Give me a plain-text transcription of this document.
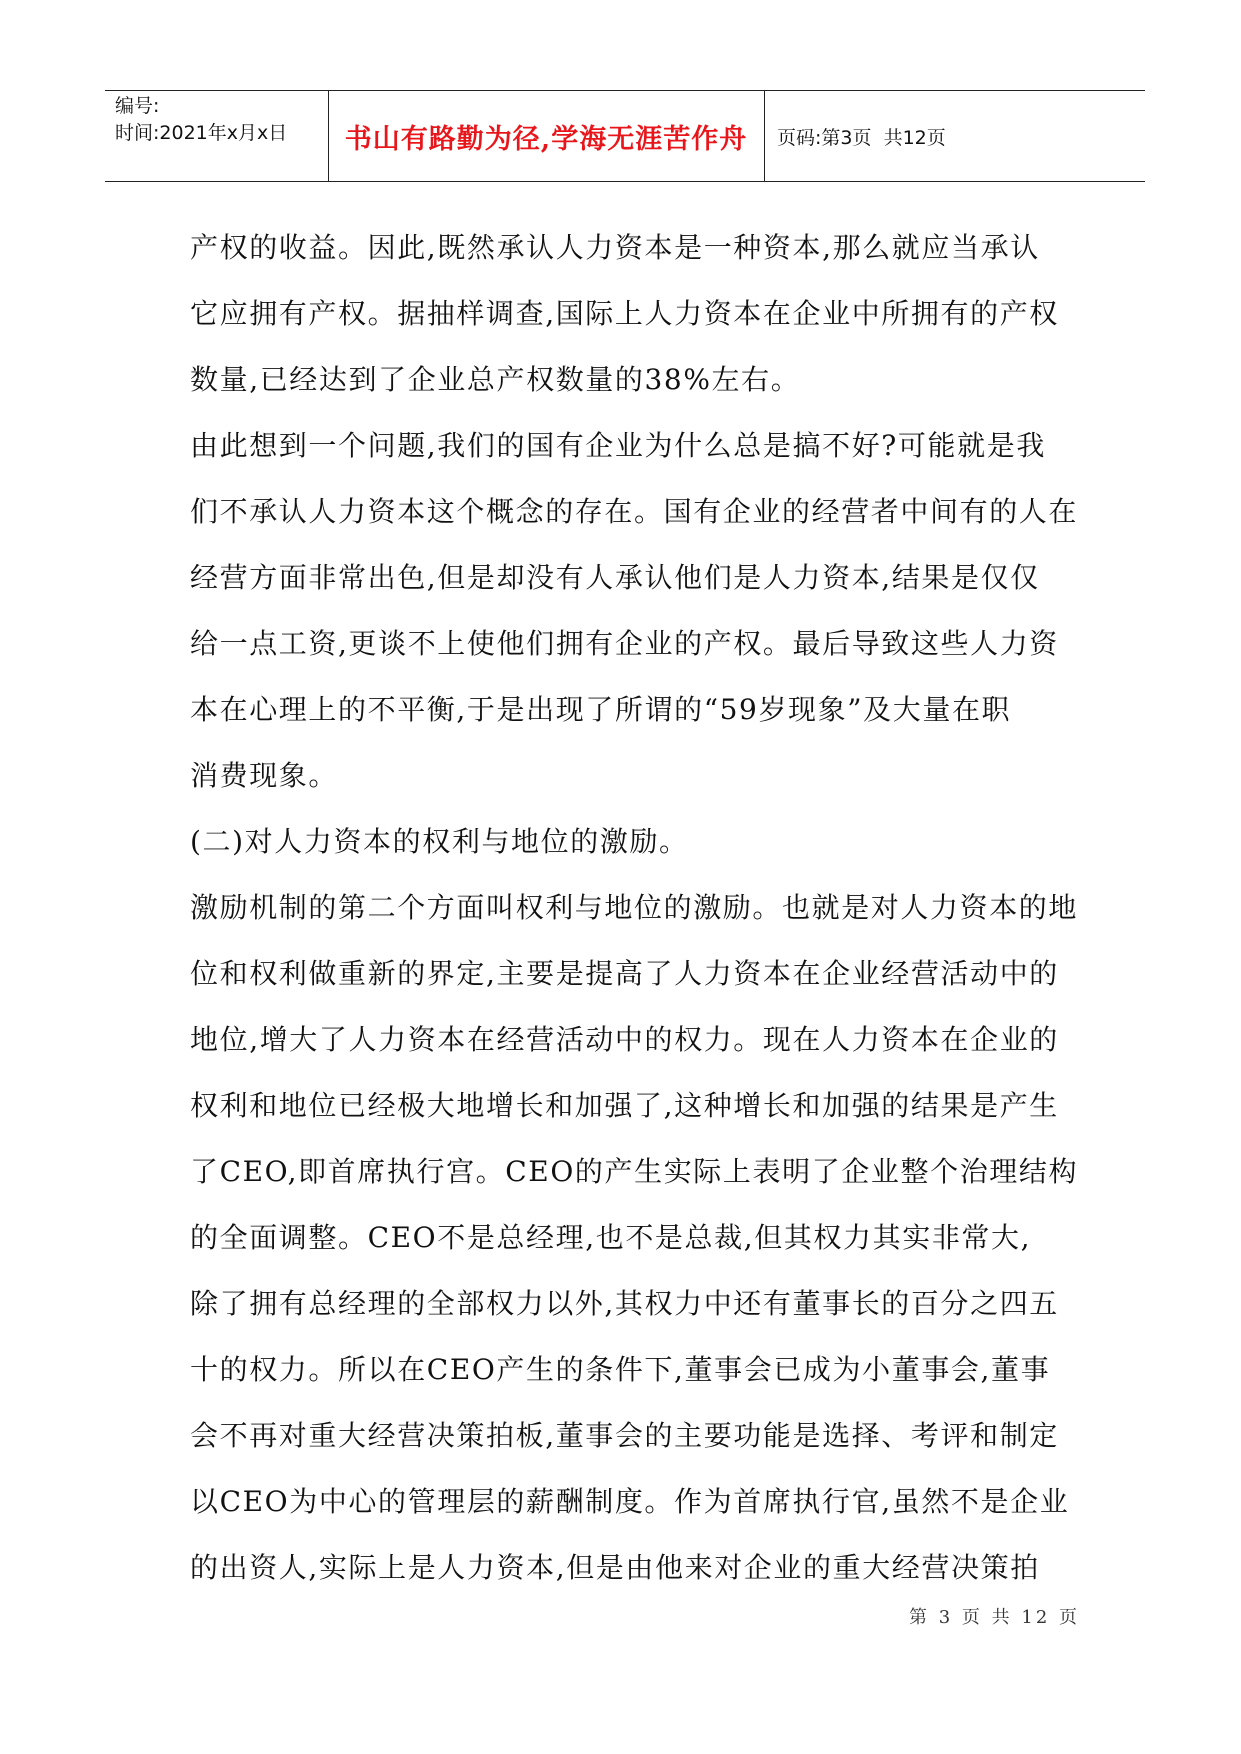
编号:
时间:2021年x月x日	书山有路勤为径,学海无涯苦作舟	页码:第3页  共12页
产权的收益。因此,既然承认人力资本是一种资本,那么就应当承认
它应拥有产权。据抽样调查,国际上人力资本在企业中所拥有的产权
数量,已经达到了企业总产权数量的38%左右。
由此想到一个问题,我们的国有企业为什么总是搞不好?可能就是我
们不承认人力资本这个概念的存在。国有企业的经营者中间有的人在
经营方面非常出色,但是却没有人承认他们是人力资本,结果是仅仅
给一点工资,更谈不上使他们拥有企业的产权。最后导致这些人力资
本在心理上的不平衡,于是出现了所谓的“59岁现象”及大量在职
消费现象。
(二)对人力资本的权利与地位的激励。
激励机制的第二个方面叫权利与地位的激励。也就是对人力资本的地
位和权利做重新的界定,主要是提高了人力资本在企业经营活动中的
地位,增大了人力资本在经营活动中的权力。现在人力资本在企业的
权利和地位已经极大地增长和加强了,这种增长和加强的结果是产生
了CEO,即首席执行宫。CEO的产生实际上表明了企业整个治理结构
的全面调整。CEO不是总经理,也不是总裁,但其权力其实非常大,
除了拥有总经理的全部权力以外,其权力中还有董事长的百分之四五
十的权力。所以在CEO产生的条件下,董事会已成为小董事会,董事
会不再对重大经营决策拍板,董事会的主要功能是选择、考评和制定
以CEO为中心的管理层的薪酬制度。作为首席执行官,虽然不是企业
的出资人,实际上是人力资本,但是由他来对企业的重大经营决策拍
第 3 页 共 12 页
